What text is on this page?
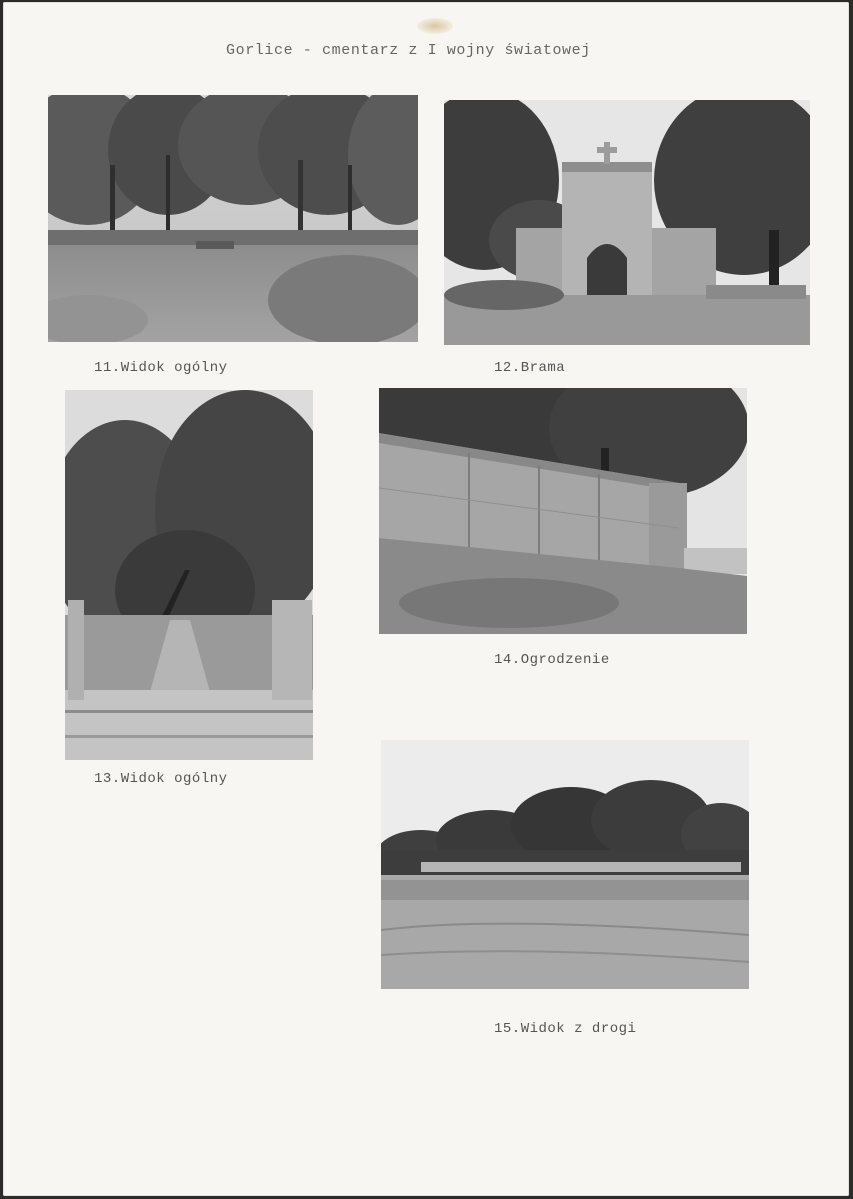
Gorlice - cmentarz z I wojny światowej
11.Widok ogólny	12.Brama
13.Widok ogólny
14.Ogrodzenie
15.Widok z drogi
